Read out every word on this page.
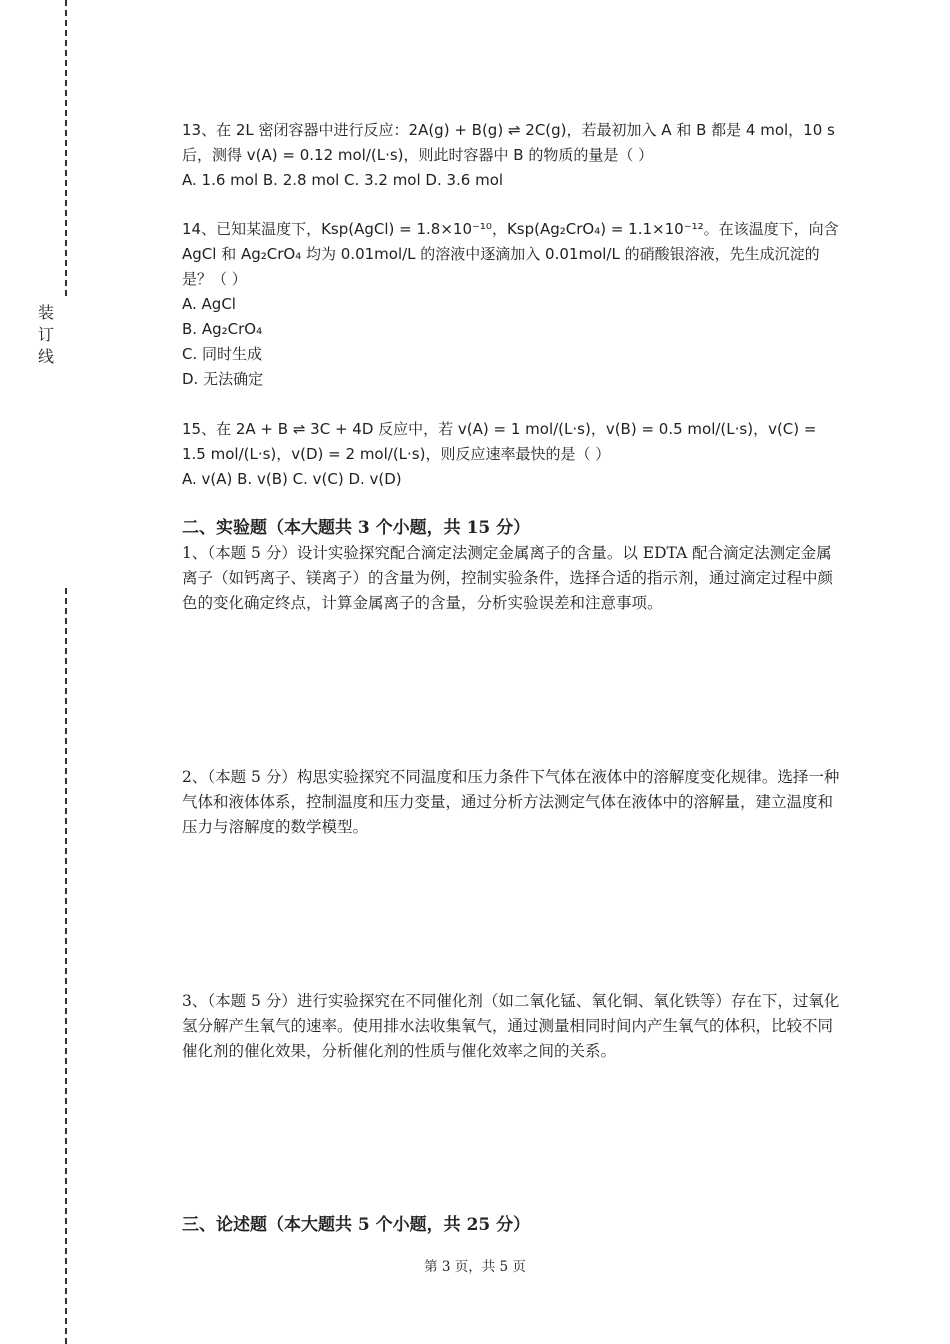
装
订
线

13、在 2L 密闭容器中进行反应：2A(g) + B(g) ⇌ 2C(g)，若最初加入 A 和 B 都是 4 mol，10 s 后，测得 v(A) = 0.12 mol/(L·s)，则此时容器中 B 的物质的量是（ ）

A. 1.6 mol B. 2.8 mol C. 3.2 mol D. 3.6 mol

14、已知某温度下，Ksp(AgCl) = 1.8×10⁻¹⁰，Ksp(Ag₂CrO₄) = 1.1×10⁻¹²。在该温度下，向含 AgCl 和 Ag₂CrO₄ 均为 0.01mol/L 的溶液中逐滴加入 0.01mol/L 的硝酸银溶液，先生成沉淀的是？（ ）

A. AgCl

B. Ag₂CrO₄

C. 同时生成

D. 无法确定

15、在 2A + B ⇌ 3C + 4D 反应中，若 v(A) = 1 mol/(L·s)，v(B) = 0.5 mol/(L·s)，v(C) = 1.5 mol/(L·s)，v(D) = 2 mol/(L·s)，则反应速率最快的是（ ）

A. v(A) B. v(B) C. v(C) D. v(D)

二、实验题（本大题共 3 个小题，共 15 分）

1、（本题 5 分）设计实验探究配合滴定法测定金属离子的含量。以 EDTA 配合滴定法测定金属离子（如钙离子、镁离子）的含量为例，控制实验条件，选择合适的指示剂，通过滴定过程中颜色的变化确定终点，计算金属离子的含量，分析实验误差和注意事项。

2、（本题 5 分）构思实验探究不同温度和压力条件下气体在液体中的溶解度变化规律。选择一种气体和液体体系，控制温度和压力变量，通过分析方法测定气体在液体中的溶解量，建立温度和压力与溶解度的数学模型。

3、（本题 5 分）进行实验探究在不同催化剂（如二氧化锰、氧化铜、氧化铁等）存在下，过氧化氢分解产生氧气的速率。使用排水法收集氧气，通过测量相同时间内产生氧气的体积，比较不同催化剂的催化效果，分析催化剂的性质与催化效率之间的关系。

三、论述题（本大题共 5 个小题，共 25 分）
第 3 页，共 5 页
